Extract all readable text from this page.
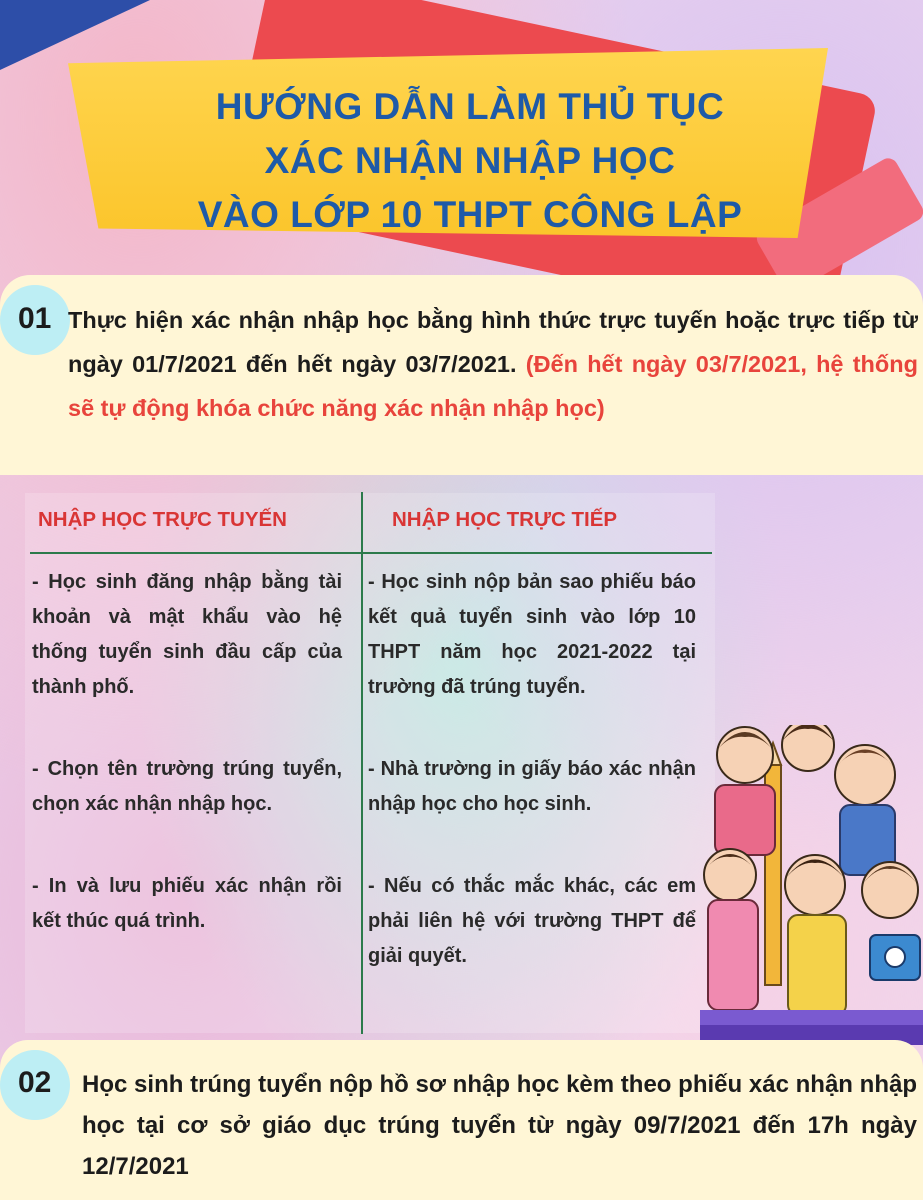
HƯỚNG DẪN LÀM THỦ TỤC
XÁC NHẬN NHẬP HỌC
VÀO LỚP 10 THPT CÔNG LẬP
01 Thực hiện xác nhận nhập học bằng hình thức trực tuyến hoặc trực tiếp từ ngày 01/7/2021 đến hết ngày 03/7/2021. (Đến hết ngày 03/7/2021, hệ thống sẽ tự động khóa chức năng xác nhận nhập học)
NHẬP HỌC TRỰC TUYẾN	NHẬP HỌC TRỰC TIẾP

- Học sinh đăng nhập bằng tài khoản và mật khẩu vào hệ thống tuyển sinh đầu cấp của thành phố.

- Chọn tên trường trúng tuyển, chọn xác nhận nhập học.

- In và lưu phiếu xác nhận rồi kết thúc quá trình.

- Học sinh nộp bản sao phiếu báo kết quả tuyển sinh vào lớp 10 THPT năm học 2021-2022 tại trường đã trúng tuyển.

- Nhà trường in giấy báo xác nhận nhập học cho học sinh.

- Nếu có thắc mắc khác, các em phải liên hệ với trường THPT để giải quyết.

02 Học sinh trúng tuyển nộp hồ sơ nhập học kèm theo phiếu xác nhận nhập học tại cơ sở giáo dục trúng tuyển từ ngày 09/7/2021 đến 17h ngày 12/7/2021
